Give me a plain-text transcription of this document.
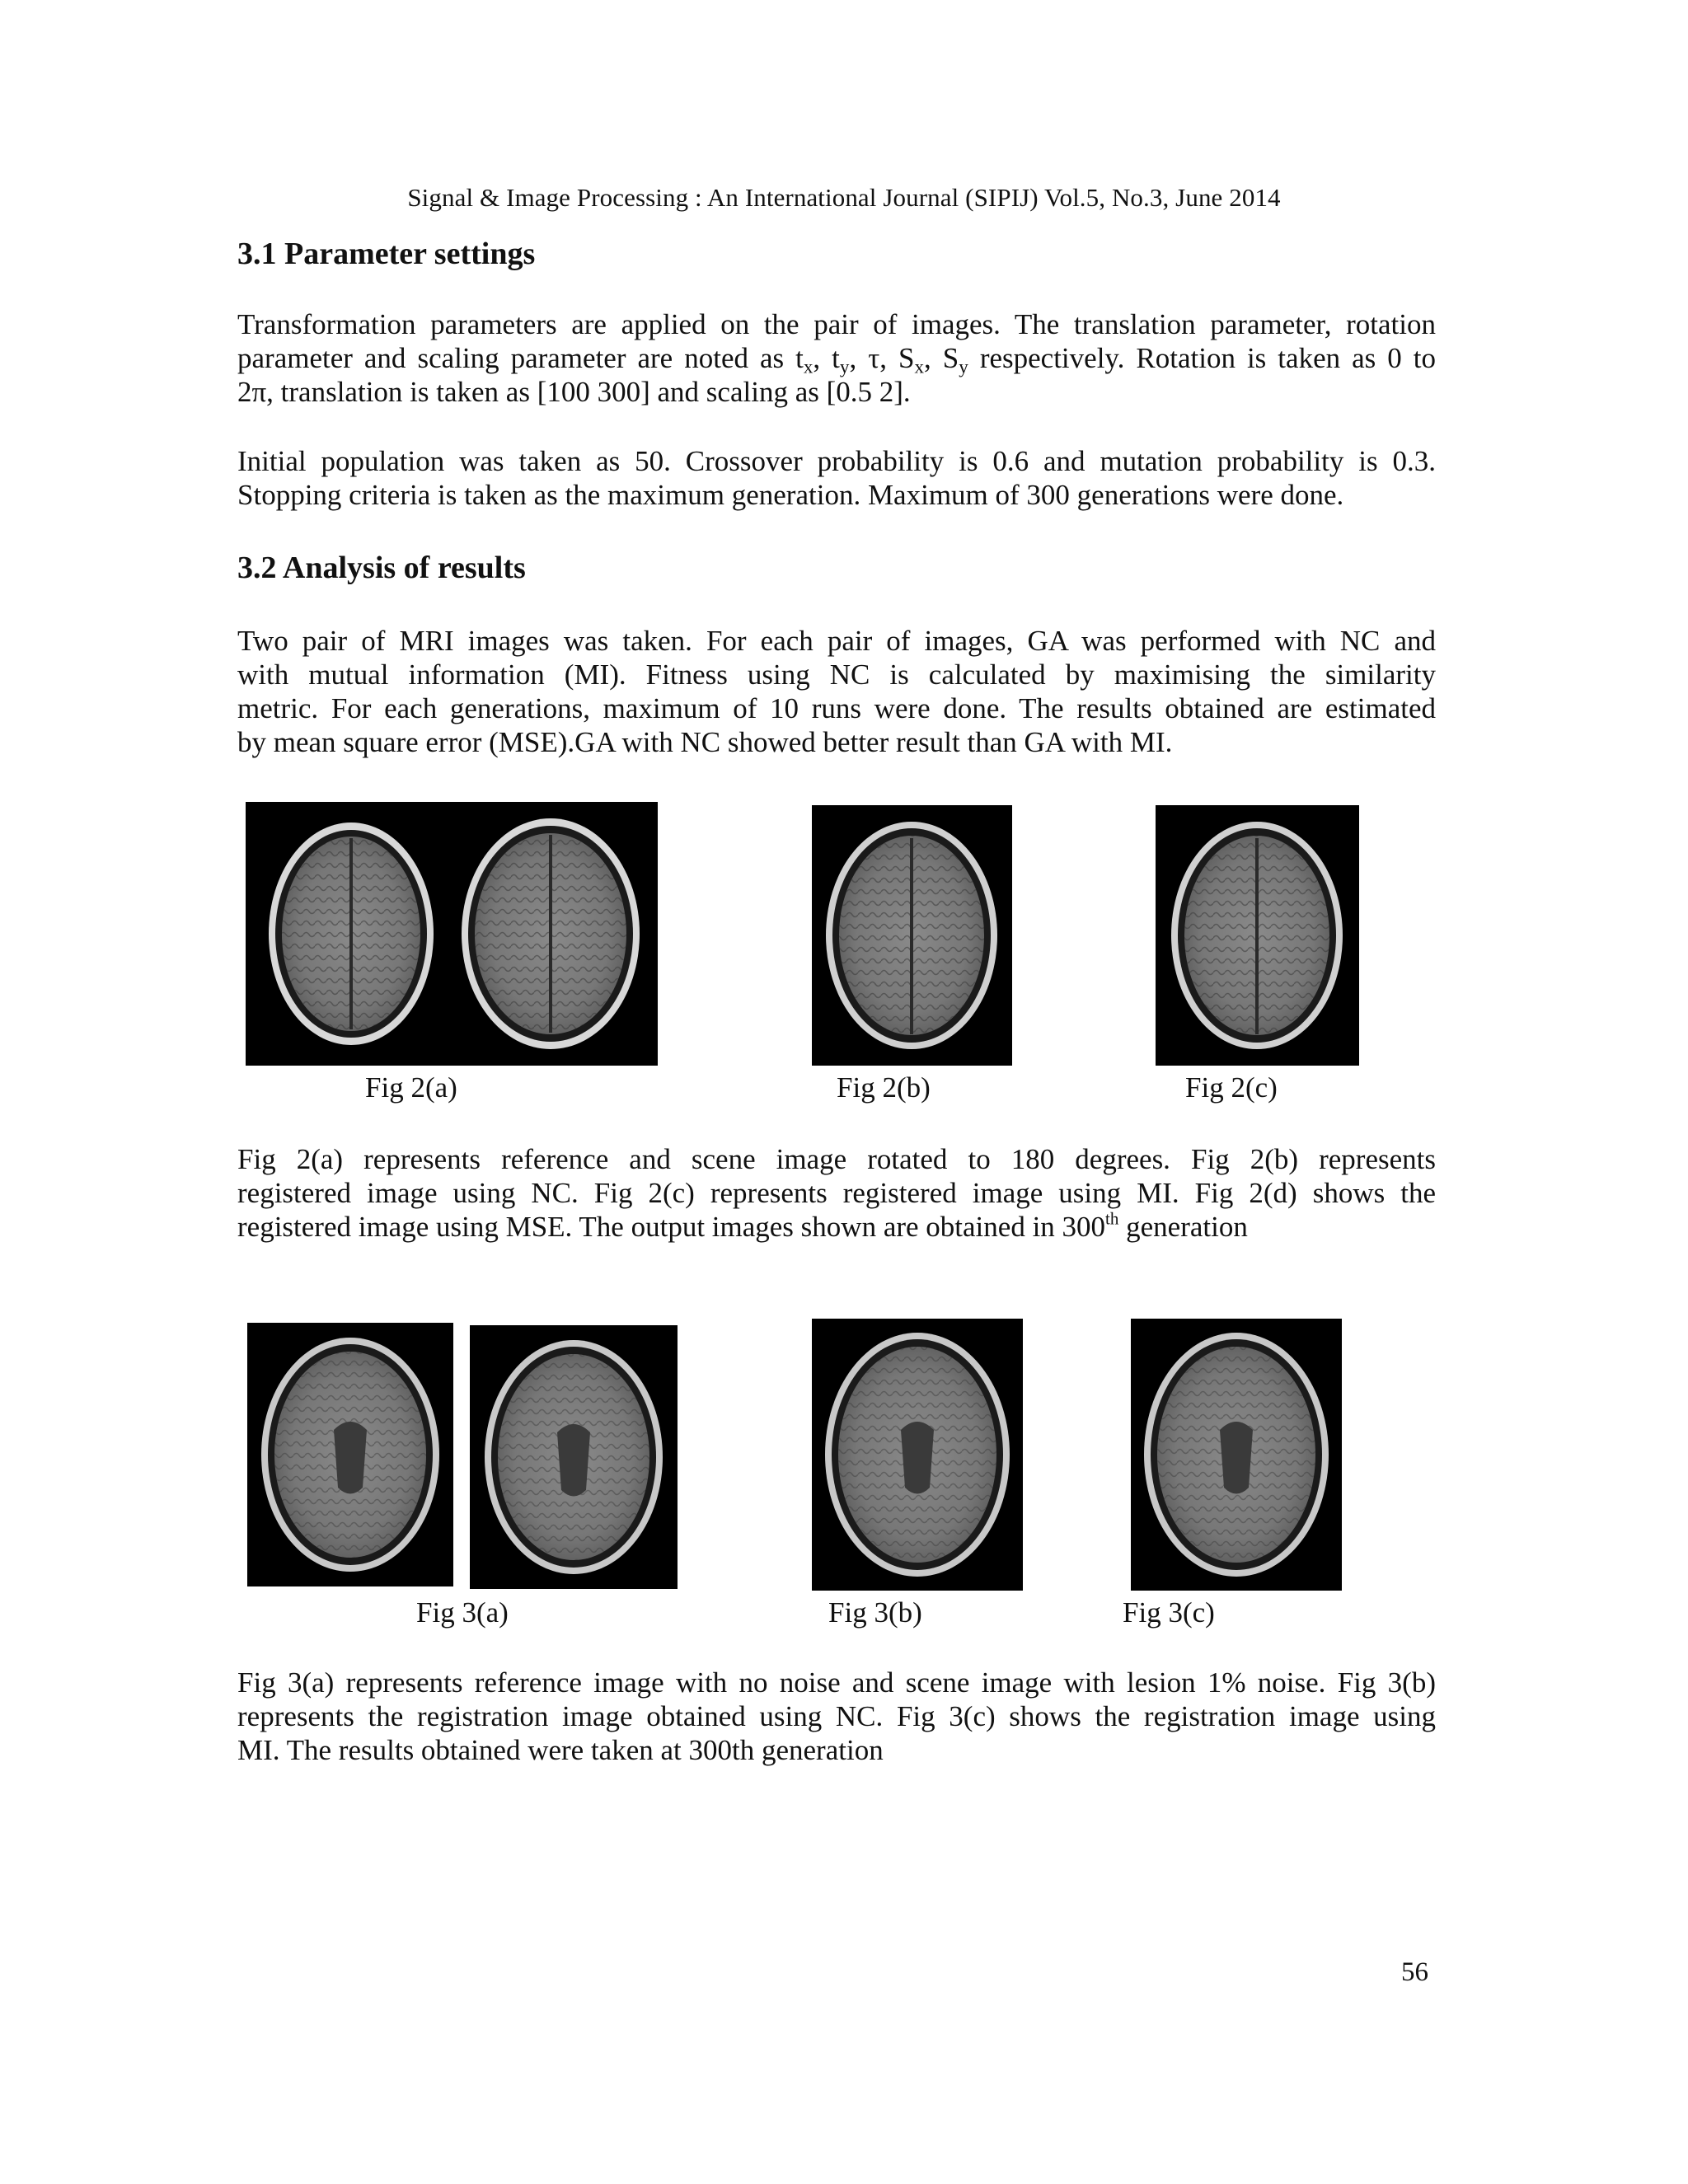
Signal & Image Processing : An International Journal (SIPIJ) Vol.5, No.3, June 2014
3.1 Parameter settings

Transformation parameters are applied on the pair of images. The translation parameter, rotation
parameter and scaling parameter are noted as $t_x$, $t_y$, τ, $S_x$, $S_y$ respectively. Rotation is taken as 0 to
2π, translation is taken as [100 300] and scaling as [0.5 2].

Initial population was taken as 50. Crossover probability is 0.6 and mutation probability is 0.3.
Stopping criteria is taken as the maximum generation. Maximum of 300 generations were done.

3.2 Analysis of results

Two pair of MRI images was taken. For each pair of images, GA was performed with NC and
with mutual information (MI). Fitness using NC is calculated by maximising the similarity
metric. For each generations, maximum of 10 runs were done. The results obtained are estimated
by mean square error (MSE).GA with NC showed better result than GA with MI.

Fig 2(a)	Fig 2(b)	Fig 2(c)

Fig 2(a) represents reference and scene image rotated to 180 degrees. Fig 2(b) represents
registered image using NC. Fig 2(c) represents registered image using MI. Fig 2(d) shows the
registered image using MSE. The output images shown are obtained in 300th generation

Fig 3(a)	Fig 3(b)	Fig 3(c)

Fig 3(a) represents reference image with no noise and scene image with lesion 1% noise. Fig 3(b)
represents the registration image obtained using NC. Fig 3(c) shows the registration image using
MI. The results obtained were taken at 300th generation

56
